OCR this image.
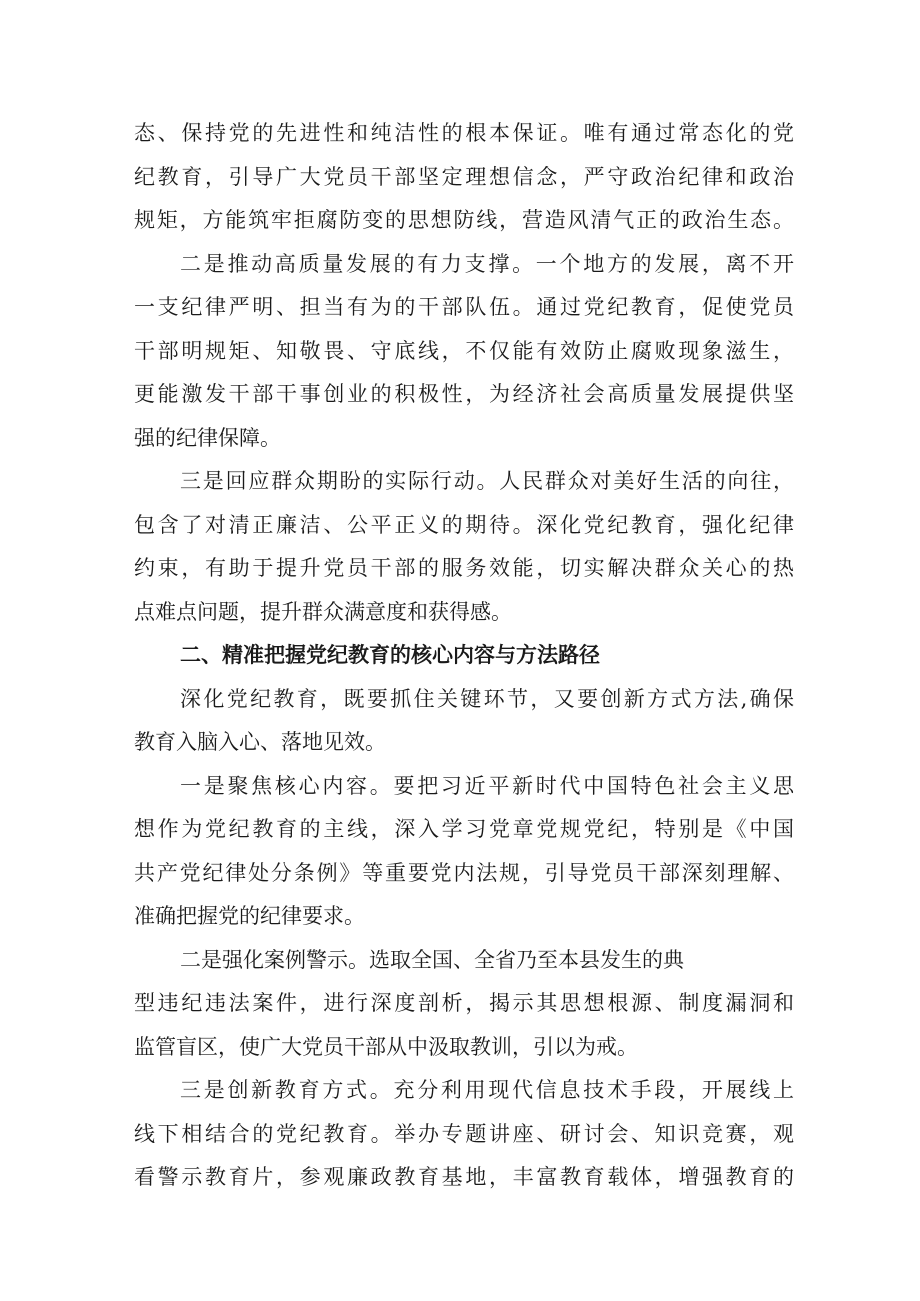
态、保持党的先进性和纯洁性的根本保证。唯有通过常态化的党
纪教育，引导广大党员干部坚定理想信念，严守政治纪律和政治
规矩，方能筑牢拒腐防变的思想防线，营造风清气正的政治生态。
二是推动高质量发展的有力支撑。一个地方的发展，离不开
一支纪律严明、担当有为的干部队伍。通过党纪教育，促使党员
干部明规矩、知敬畏、守底线，不仅能有效防止腐败现象滋生，
更能激发干部干事创业的积极性，为经济社会高质量发展提供坚
强的纪律保障。
三是回应群众期盼的实际行动。人民群众对美好生活的向往，
包含了对清正廉洁、公平正义的期待。深化党纪教育，强化纪律
约束，有助于提升党员干部的服务效能，切实解决群众关心的热
点难点问题，提升群众满意度和获得感。
二、精准把握党纪教育的核心内容与方法路径
深化党纪教育，既要抓住关键环节，又要创新方式方法,确保
教育入脑入心、落地见效。
一是聚焦核心内容。要把习近平新时代中国特色社会主义思
想作为党纪教育的主线，深入学习党章党规党纪，特别是《中国
共产党纪律处分条例》等重要党内法规，引导党员干部深刻理解、
准确把握党的纪律要求。
二是强化案例警示。选取全国、全省乃至本县发生的典
型违纪违法案件，进行深度剖析，揭示其思想根源、制度漏洞和
监管盲区，使广大党员干部从中汲取教训，引以为戒。
三是创新教育方式。充分利用现代信息技术手段，开展线上
线下相结合的党纪教育。举办专题讲座、研讨会、知识竞赛，观
看警示教育片，参观廉政教育基地，丰富教育载体，增强教育的
